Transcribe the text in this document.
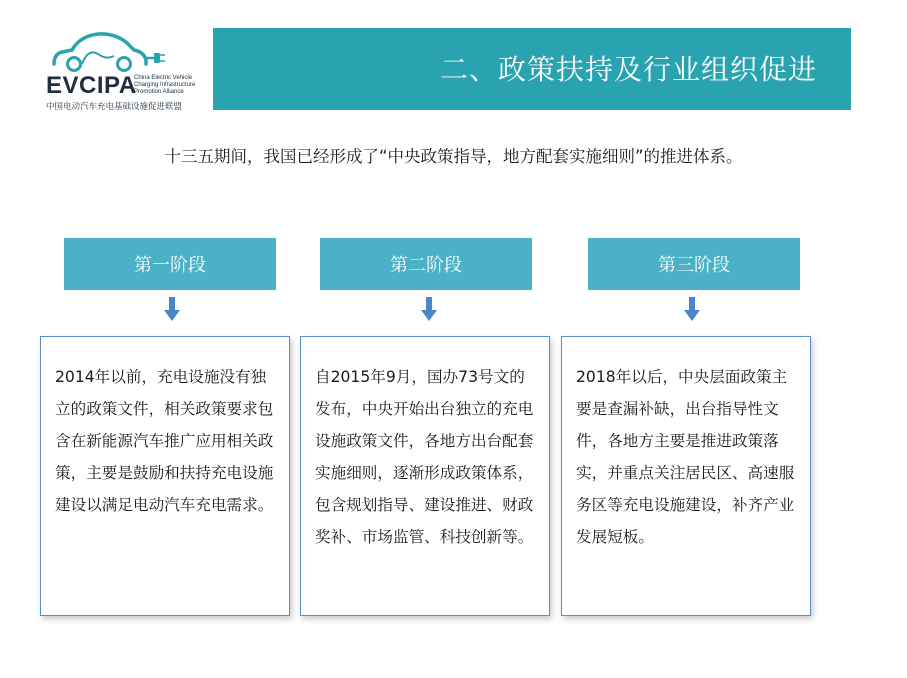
EVCIPA
China Electric Vehicle
Charging Infrastructure
Promotion Alliance
中国电动汽车充电基础设施促进联盟
二、政策扶持及行业组织促进
十三五期间，我国已经形成了“中央政策指导，地方配套实施细则”的推进体系。
第一阶段
2014年以前，充电设施没有独立的政策文件，相关政策要求包含在新能源汽车推广应用相关政策，主要是鼓励和扶持充电设施建设以满足电动汽车充电需求。
第二阶段
自2015年9月，国办73号文的发布，中央开始出台独立的充电设施政策文件，各地方出台配套实施细则，逐渐形成政策体系，包含规划指导、建设推进、财政奖补、市场监管、科技创新等。
第三阶段
2018年以后，中央层面政策主要是查漏补缺，出台指导性文件，各地方主要是推进政策落实，并重点关注居民区、高速服务区等充电设施建设，补齐产业发展短板。
